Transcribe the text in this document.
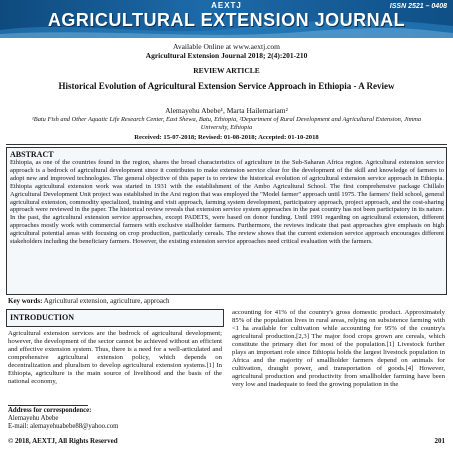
AEXTJ	ISSN 2521 – 0408
AGRICULTURAL EXTENSION JOURNAL
Available Online at www.aextj.com
Agricultural Extension Journal 2018; 2(4):201-210
REVIEW ARTICLE
Historical Evolution of Agricultural Extension Service Approach in Ethiopia - A Review
Alemayehu Abebe¹, Marta Hailemariam²
¹Batu Fish and Other Aquatic Life Research Center, East Shewa, Batu, Ethiopia, ²Department of Rural Development and Agricultural Extension, Jimma University, Ethiopia
Received: 15-07-2018; Revised: 01-08-2018; Accepted: 01-10-2018
ABSTRACT
Ethiopia, as one of the countries found in the region, shares the broad characteristics of agriculture in the Sub-Saharan Africa region. Agricultural extension service approach is a bedrock of agricultural development since it contributes to make extension service clear for the development of the skill and knowledge of farmers to adopt new and improved technologies. The general objective of this paper is to review the historical evolution of agricultural extension service approach in Ethiopia. Ethiopia agricultural extension work was started in 1931 with the establishment of the Ambo Agricultural School. The first comprehensive package Chillalo Agricultural Development Unit project was established in the Arsi region that was employed the "Model farmer" approach until 1975. The farmers' field school, general agricultural extension, commodity specialized, training and visit approach, farming system development, participatory approach, project approach, and the cost-sharing approach were reviewed in the paper. The historical review reveals that extension service system approaches in the past country has not been participatory in its nature. In the past, the agricultural extension service approaches, except PADETS, were based on donor funding. Until 1991 regarding on agricultural extension, different approaches mostly work with commercial farmers with exclusive stallholder farmers. Furthermore, the reviews indicate that past approaches give emphasis on high agricultural potential areas with focusing on crop production, particularly cereals. The review shows that the current extension service approach encourages different stakeholders including the beneficiary farmers. However, the existing extension service approaches need critical evaluation with the farmers.
Key words: Agricultural extension, agriculture, approach
INTRODUCTION
Agricultural extension services are the bedrock of agricultural development; however, the development of the sector cannot be achieved without an efficient and effective extension system. Thus, there is a need for a well-articulated and comprehensive agricultural extension policy, which depends on decentralization and pluralism to develop agricultural extension systems.[1] In Ethiopia, agriculture is the main source of livelihood and the basis of the national economy,
accounting for 41% of the country's gross domestic product. Approximately 85% of the population lives in rural areas, relying on subsistence farming with <1 ha available for cultivation while accounting for 95% of the country's agricultural production.[2,3] The major food crops grown are cereals, which constitute the primary diet for most of the population.[1] Livestock further plays an important role since Ethiopia holds the largest livestock population in Africa and the majority of smallholder farmers depend on animals for cultivation, draught power, and transportation of goods.[4] However, agricultural production and productivity from smallholder farming have been very low and inadequate to feed the growing population in the
Address for correspondence:
Alemayehu Abebe
E-mail: alemayehuabebe88@yahoo.com
© 2018, AEXTJ, All Rights Reserved	201
